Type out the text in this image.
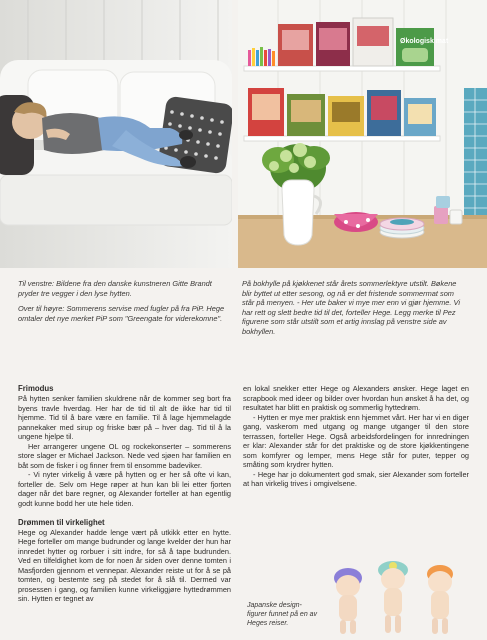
Økologisk mat

Til venstre: Bildene fra den danske kunstneren Gitte Brandt pryder tre vegger i den lyse hytten.

Over til høyre: Sommerens servise med fugler på fra PiP. Hege omtaler det nye merket PiP som "Greengate for viderekomne".

På bokhylle på kjøkkenet står årets sommerlektyre utstilt. Bøkene blir byttet ut etter sesong, og nå er det fristende sommermat som står på menyen. - Her ute baker vi mye mer enn vi gjør hjemme. Vi har rett og slett bedre tid til det, forteller Hege. Legg merke til Pez figurene som står utstilt som et artig innslag på venstre side av bokhyllen.

Frimodus

På hytten senker familien skuldrene når de kommer seg bort fra byens travle hverdag. Her har de tid til alt de ikke har tid til hjemme. Tid til å bare være en familie. Til å lage hjemmelagde pannekaker med sirup og friske bær på – hver dag. Tid til å la ungene hjelpe til.

Her arrangerer ungene OL og rockekonserter – sommerens store slager er Michael Jackson. Nede ved sjøen har familien en båt som de fisker i og finner frem til ensomme badeviker.

- Vi nyter virkelig å være på hytten og er her så ofte vi kan, forteller de. Selv om Hege røper at hun kan bli lei etter fjorten dager når det bare regner, og Alexander forteller at han egentlig godt kunne bodd her ute hele tiden.

Drømmen til virkelighet

Hege og Alexander hadde lenge vært på utkikk etter en hytte. Hege forteller om mange budrunder og lange kvelder der hun har innredet hytter og rorbuer i sitt indre, for så å tape budrunden. Ved en tilfeldighet kom de for noen år siden over denne tomten i Masfjorden gjennom et vennepar. Alexander reiste ut for å se på tomten, og bestemte seg på stedet for å slå til. Dermed var prosessen i gang, og familien kunne virkeliggjøre hyttedrømmen sin. Hytten er tegnet av

en lokal snekker etter Hege og Alexanders ønsker. Hege laget en scrapbook med ideer og bilder over hvordan hun ønsket å ha det, og resultatet har blitt en praktisk og sommerlig hyttedrøm.

- Hytten er mye mer praktisk enn hjemmet vårt. Her har vi en diger gang, vaskerom med utgang og mange utganger til den store terrassen, forteller Hege. Også arbeidsfordelingen for innredningen er klar: Alexander står for det praktiske og de store kjøkkentingene som komfyrer og lemper, mens Hege står for puter, tepper og småting som krydrer hytten.

- Hege har jo dokumentert god smak, sier Alexander som forteller at han virkelig trives i omgivelsene.

Japanske design-figurer funnet på en av Heges reiser.
